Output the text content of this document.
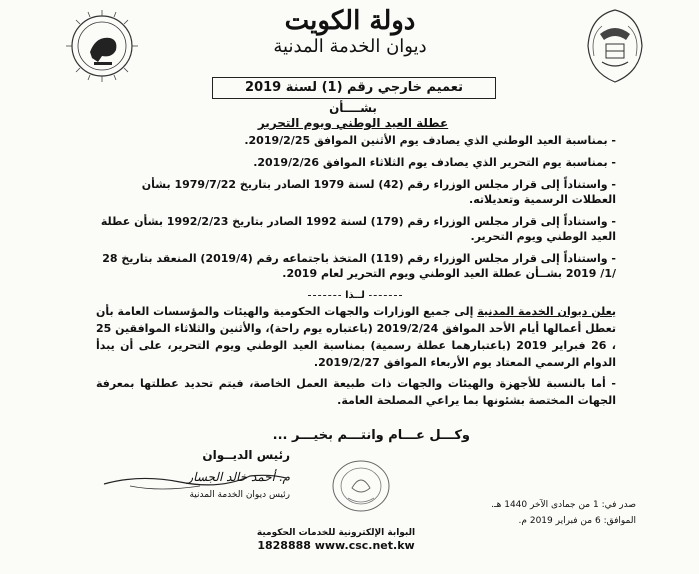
دولة الكويت
ديوان الخدمة المدنية
تعميم خارجي رقم (1) لسنة 2019
بشــــأن
عطلة العيد الوطني ويوم التحرير

- بمناسبة العيد الوطني الذي يصادف يوم الأثنين الموافق 2019/2/25.

- بمناسبة يوم التحرير الذي يصادف يوم الثلاثاء الموافق 2019/2/26.

- واستناداً إلى قرار مجلس الوزراء رقم (42) لسنة 1979 الصادر بتاريخ 1979/7/22 بشأن العطلات الرسمية وتعديلاته.

- واستناداً إلى قرار مجلس الوزراء رقم (179) لسنة 1992 الصادر بتاريخ 1992/2/23 بشأن عطلة العيد الوطني ويوم التحرير.

- واستناداً إلى قرار مجلس الوزراء رقم (119) المتخذ باجتماعه رقم (2019/4) المنعقد بتاريخ 28 /1/ 2019 بشــأن عطلة العيد الوطني ويوم التحرير لعام 2019.

لــذا

يعلن ديوان الخدمة المدنية إلى جميع الوزارات والجهات الحكومية والهيئات والمؤسسات العامة بأن تعطل أعمالها أيام الأحد الموافق 2019/2/24 (باعتباره يوم راحة)، والأثنين والثلاثاء الموافقين 25 ، 26 فبراير 2019 (باعتبارهما عطلة رسمية) بمناسبة العيد الوطني ويوم التحرير، على أن يبدأ الدوام الرسمي المعتاد يوم الأربعاء الموافق 2019/2/27.

- أما بالنسبة للأجهزة والهيئات والجهات ذات طبيعة العمل الخاصة، فيتم تحديد عطلتها بمعرفة الجهات المختصة بشئونها بما يراعي المصلحة العامة.

وكـــل عـــام وانتـــم بخيـــر ...
رئيس الديــوان
م. أحمد خالد الجسار
رئيس ديوان الخدمة المدنية
صدر في: 1 من جمادى الآخر 1440 هـ.
الموافق: 6 من فبراير 2019 م.
البوابة الإلكترونية للخدمات الحكومية
1828888 www.csc.net.kw
